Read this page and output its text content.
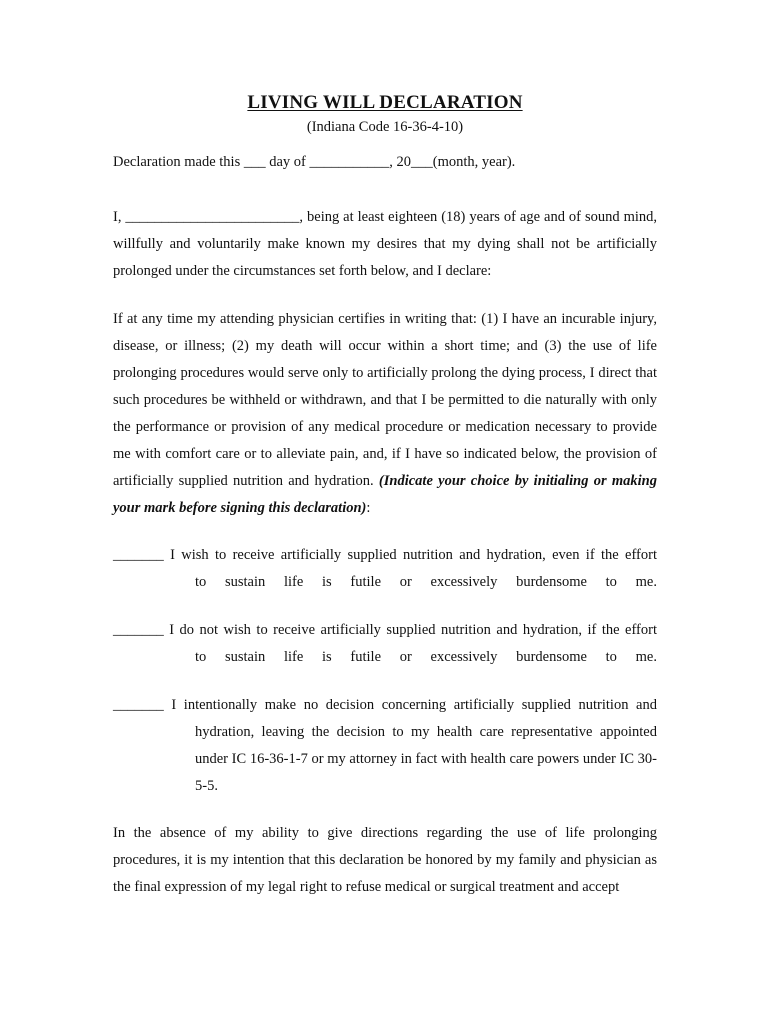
LIVING WILL DECLARATION
(Indiana Code 16-36-4-10)
Declaration made this ___ day of ___________, 20___(month, year).
I, ________________________, being at least eighteen (18) years of age and of sound mind, willfully and voluntarily make known my desires that my dying shall not be artificially prolonged under the circumstances set forth below, and I declare:
If at any time my attending physician certifies in writing that: (1) I have an incurable injury, disease, or illness; (2) my death will occur within a short time; and (3) the use of life prolonging procedures would serve only to artificially prolong the dying process, I direct that such procedures be withheld or withdrawn, and that I be permitted to die naturally with only the performance or provision of any medical procedure or medication necessary to provide me with comfort care or to alleviate pain, and, if I have so indicated below, the provision of artificially supplied nutrition and hydration. (Indicate your choice by initialing or making your mark before signing this declaration):
_______ I wish to receive artificially supplied nutrition and hydration, even if the effort
to sustain life is futile or excessively burdensome to me.
_______ I do not wish to receive artificially supplied nutrition and hydration, if the effort
to sustain life is futile or excessively burdensome to me.
_______ I intentionally make no decision concerning artificially supplied nutrition and
hydration, leaving the decision to my health care representative appointed under IC 16-36-1-7 or my attorney in fact with health care powers under IC 30-5-5.
In the absence of my ability to give directions regarding the use of life prolonging procedures, it is my intention that this declaration be honored by my family and physician as the final expression of my legal right to refuse medical or surgical treatment and accept
